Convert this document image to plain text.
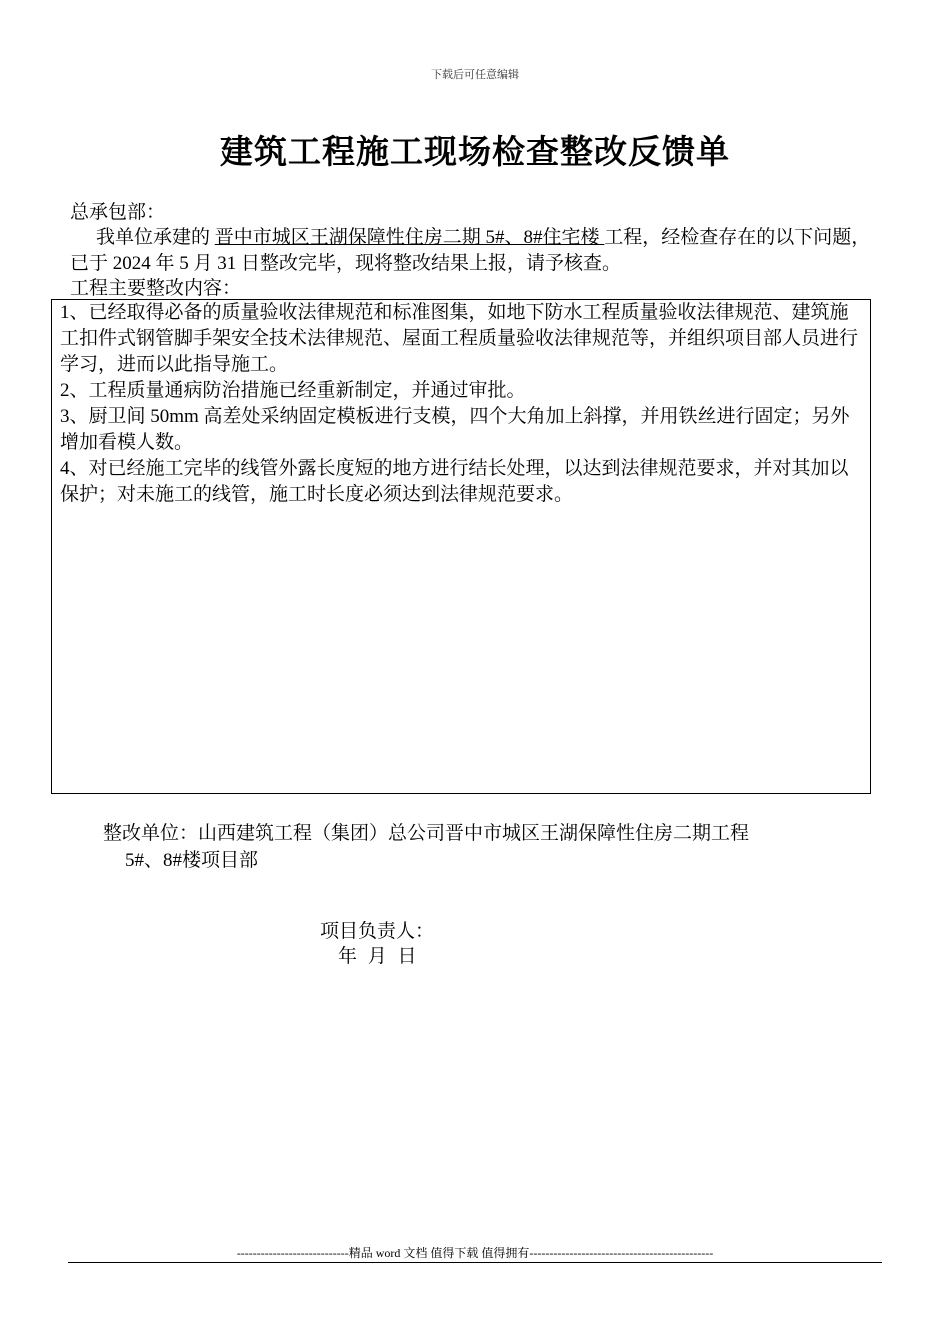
下载后可任意编辑
建筑工程施工现场检查整改反馈单
总承包部：
我单位承建的 晋中市城区王湖保障性住房二期 5#、8#住宅楼 工程，经检查存在的以下问题，已于 2024 年 5 月 31 日整改完毕，现将整改结果上报，请予核查。
工程主要整改内容：

1、已经取得必备的质量验收法律规范和标准图集，如地下防水工程质量验收法律规范、建筑施工扣件式钢管脚手架安全技术法律规范、屋面工程质量验收法律规范等，并组织项目部人员进行学习，进而以此指导施工。

2、工程质量通病防治措施已经重新制定，并通过审批。

3、厨卫间 50mm 高差处采纳固定模板进行支模，四个大角加上斜撑，并用铁丝进行固定；另外增加看模人数。

4、对已经施工完毕的线管外露长度短的地方进行结长处理，以达到法律规范要求，并对其加以保护；对未施工的线管，施工时长度必须达到法律规范要求。

整改单位：山西建筑工程（集团）总公司晋中市城区王湖保障性住房二期工程
5#、8#楼项目部
项目负责人：
年 月 日
----------------------------精品 word 文档 值得下载 值得拥有----------------------------------------------
